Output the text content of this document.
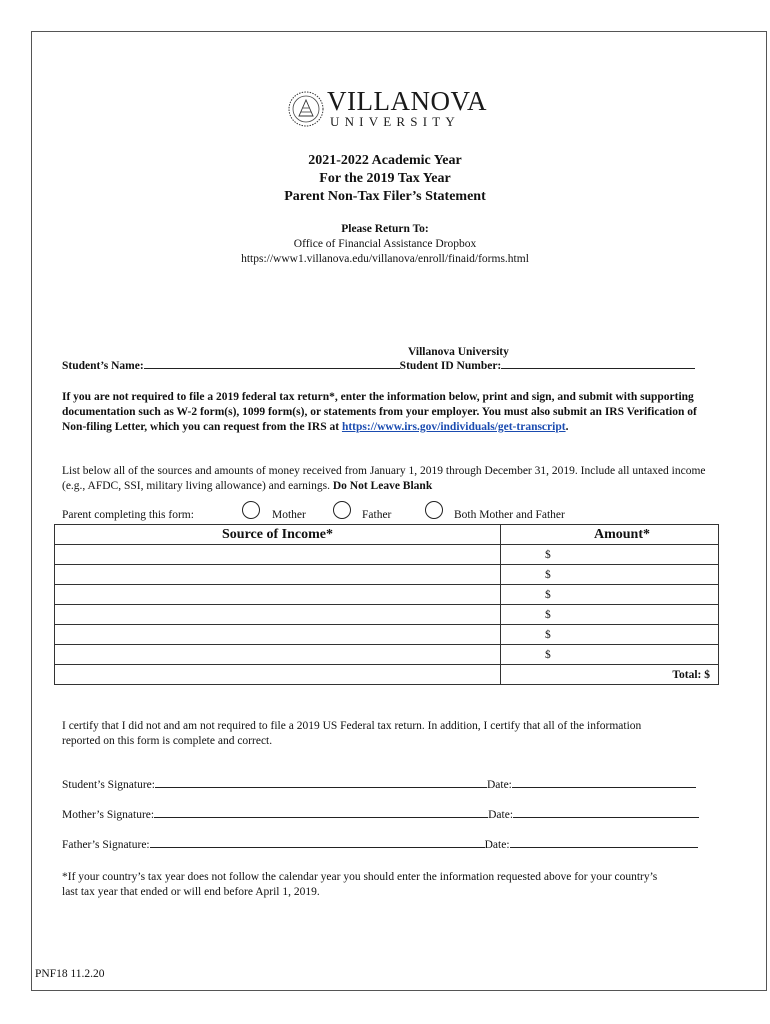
VILLANOVA
UNIVERSITY
2021-2022 Academic Year
For the 2019 Tax Year
Parent Non-Tax Filer’s Statement
Please Return To:
Office of Financial Assistance Dropbox
https://www1.villanova.edu/villanova/enroll/finaid/forms.html
Villanova University
Student’s Name:	Student ID Number:
If you are not required to file a 2019 federal tax return*, enter the information below, print and sign, and submit with supporting documentation such as W-2 form(s), 1099 form(s), or statements from your employer. You must also submit an IRS Verification of Non-filing Letter, which you can request from the IRS at https://www.irs.gov/individuals/get-transcript.
List below all of the sources and amounts of money received from January 1, 2019 through December 31, 2019. Include all untaxed income (e.g., AFDC, SSI, military living allowance) and earnings. Do Not Leave Blank
Parent completing this form:	Mother	Father	Both Mother and Father
Source of Income*	Amount*
	$
	$
	$
	$
	$
	$
	Total: $
I certify that I did not and am not required to file a 2019 US Federal tax return. In addition, I certify that all of the information reported on this form is complete and correct.
Student’s Signature:	Date:
Mother’s Signature:	Date:
Father’s Signature:	Date:
*If your country’s tax year does not follow the calendar year you should enter the information requested above for your country’s last tax year that ended or will end before April 1, 2019.
PNF18 11.2.20
